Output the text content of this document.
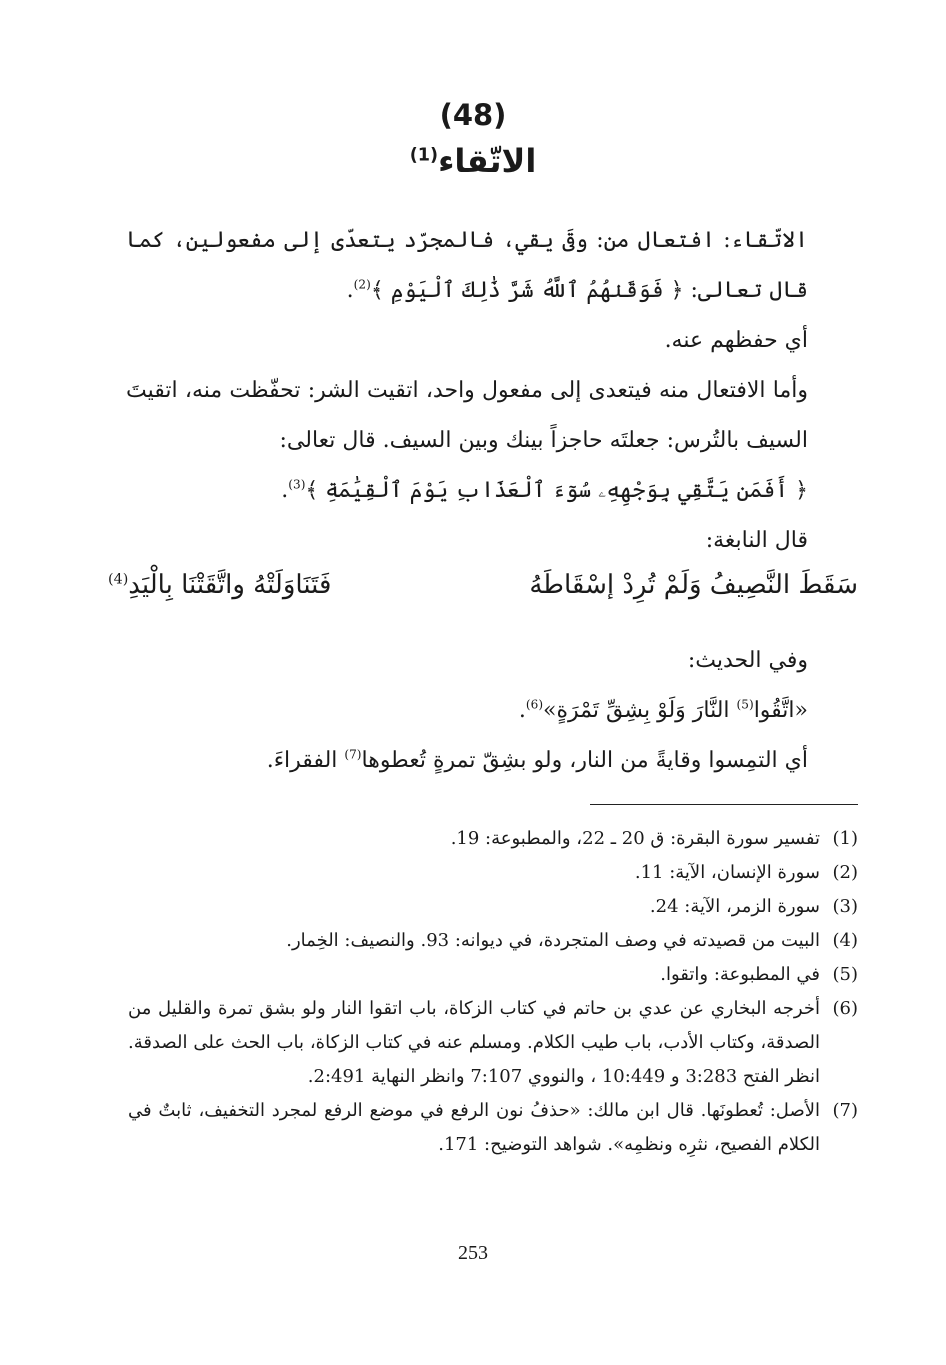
(48)
الاتّقاء$^{(1)}$

الاتّقاء: افتعال من: وقَى يقي، فالمجرّد يتعدّى إلى مفعولين، كما قال تعالى: ﴿ فَوَقَنٰهُمُ ٱللَّهُ شَرَّ ذَٰلِكَ ٱلْيَوْمِ ﴾$^{(2)}$.

أي حفظهم عنه.

وأما الافتعال منه فيتعدى إلى مفعول واحد، اتقيت الشر: تحفّظت منه، اتقيتَ السيف بالتُرس: جعلتَه حاجزاً بينك وبين السيف. قال تعالى:

﴿ أَفَمَن يَتَّقِي بِوَجْهِهِۦ سُوٓءَ ٱلْعَذَابِ يَوْمَ ٱلْقِيَٰمَةِ ﴾$^{(3)}$.

قال النابغة:

سَقَطَ النَّصِيفُ وَلَمْ تُرِدْ إسْقَاطَهُ
فَتَنَاوَلَتْهُ واتَّقَتْنَا بِالْيَدِ$^{(4)}$

وفي الحديث:

«اتَّقُوا$^{(5)}$ النَّارَ وَلَوْ بِشِقِّ تَمْرَةٍ»$^{(6)}$.

أي التمِسوا وقايةً من النار، ولو بشِقّ تمرةٍ تُعطوها$^{(7)}$ الفقراءَ.

(1)
تفسير سورة البقرة: ق 20 ـ 22، والمطبوعة: 19.
(2)
سورة الإنسان، الآية: 11.
(3)
سورة الزمر، الآية: 24.
(4)
البيت من قصيدته في وصف المتجردة، في ديوانه: 93. والنصيف: الخِمار.
(5)
في المطبوعة: واتقوا.
(6)
أخرجه البخاري عن عدي بن حاتم في كتاب الزكاة، باب اتقوا النار ولو بشق تمرة والقليل من الصدقة، وكتاب الأدب، باب طيب الكلام. ومسلم عنه في كتاب الزكاة، باب الحث على الصدقة. انظر الفتح 3:283 و 10:449 ، والنووي 7:107 وانظر النهاية 2:491.
(7)
الأصل: تُعطونَها. قال ابن مالك: «حذفُ نون الرفع في موضع الرفع لمجرد التخفيف، ثابتٌ في الكلام الفصيح، نثرِه ونظمِه». شواهد التوضيح: 171.
253
